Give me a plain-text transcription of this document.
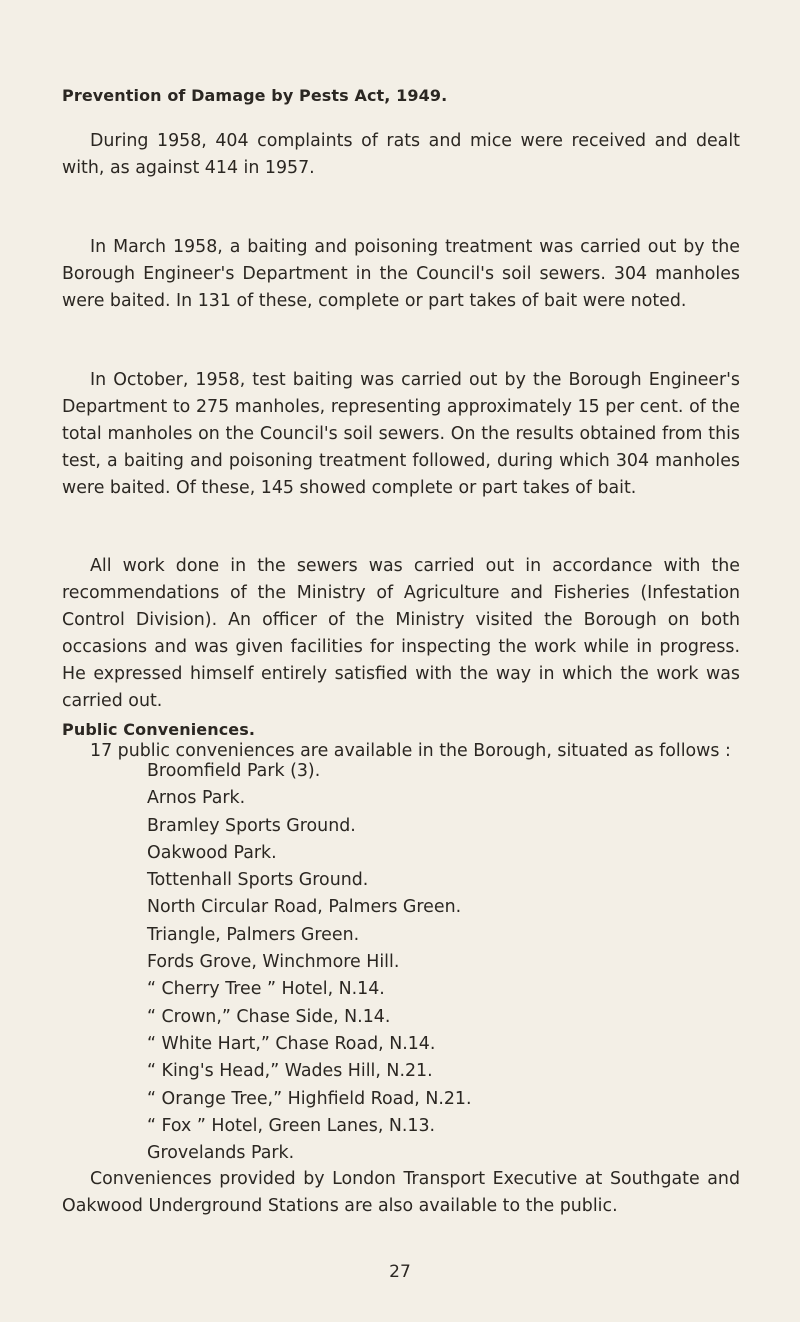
Prevention of Damage by Pests Act, 1949.

During 1958, 404 complaints of rats and mice were received and dealt with, as against 414 in 1957.

In March 1958, a baiting and poisoning treatment was carried out by the Borough Engineer's Department in the Council's soil sewers. 304 manholes were baited. In 131 of these, complete or part takes of bait were noted.

In October, 1958, test baiting was carried out by the Borough Engineer's Department to 275 manholes, representing approximately 15 per cent. of the total manholes on the Council's soil sewers. On the results obtained from this test, a baiting and poisoning treatment followed, during which 304 manholes were baited. Of these, 145 showed complete or part takes of bait.

All work done in the sewers was carried out in accordance with the recommendations of the Ministry of Agriculture and Fisheries (Infestation Control Division). An officer of the Ministry visited the Borough on both occasions and was given facilities for inspecting the work while in progress. He expressed himself entirely satisfied with the way in which the work was carried out.

Public Conveniences.

17 public conveniences are available in the Borough, situated as follows :

Broomfield Park (3).
Arnos Park.
Bramley Sports Ground.
Oakwood Park.
Tottenhall Sports Ground.
North Circular Road, Palmers Green.
Triangle, Palmers Green.
Fords Grove, Winchmore Hill.
“ Cherry Tree ” Hotel, N.14.
“ Crown,” Chase Side, N.14.
“ White Hart,” Chase Road, N.14.
“ King's Head,” Wades Hill, N.21.
“ Orange Tree,” Highfield Road, N.21.
“ Fox ” Hotel, Green Lanes, N.13.
Grovelands Park.

Conveniences provided by London Transport Executive at Southgate and Oakwood Underground Stations are also available to the public.

27
